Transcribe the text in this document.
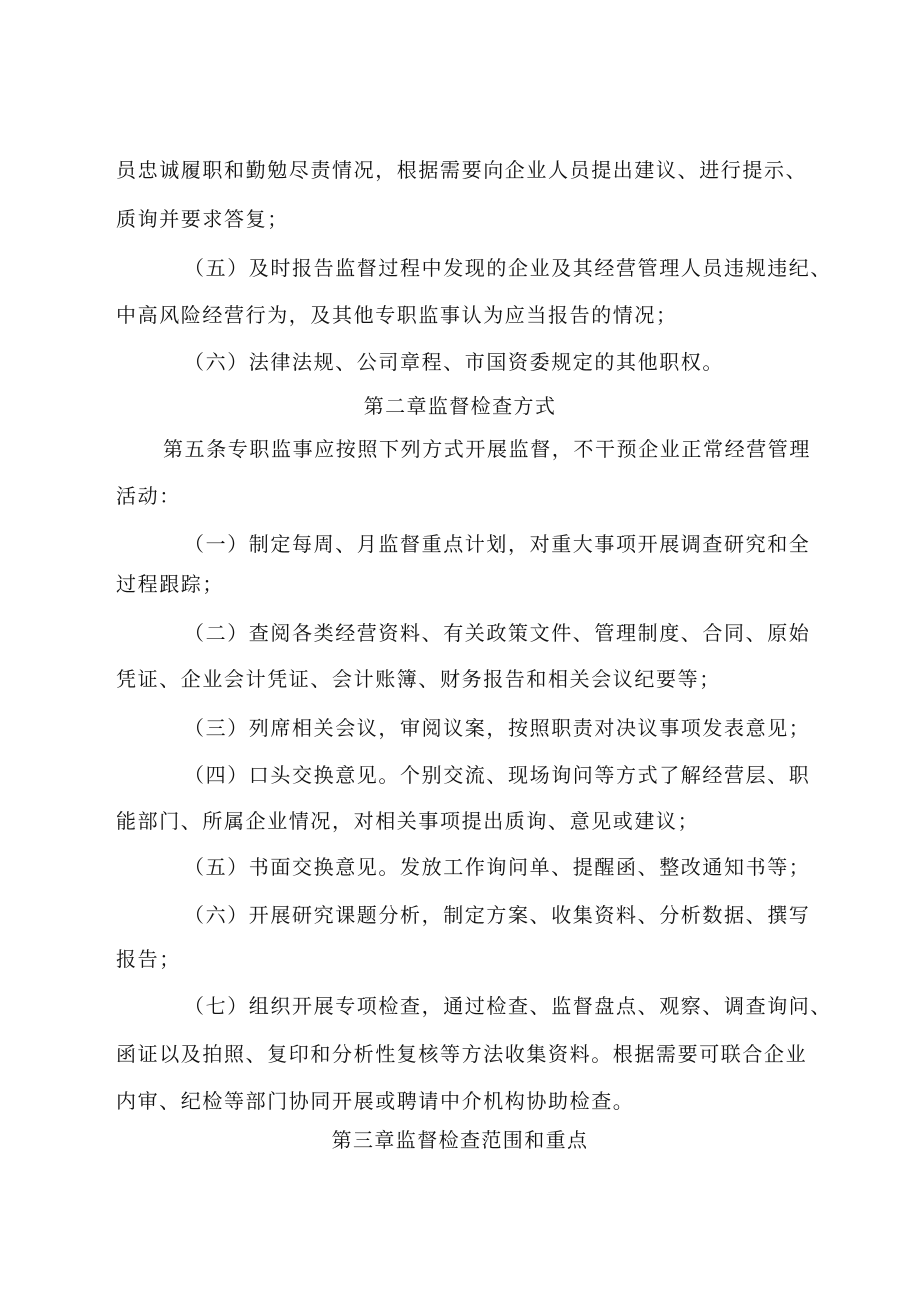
员忠诚履职和勤勉尽责情况，根据需要向企业人员提出建议、进行提示、
质询并要求答复；
（五）及时报告监督过程中发现的企业及其经营管理人员违规违纪、
中高风险经营行为，及其他专职监事认为应当报告的情况；
（六）法律法规、公司章程、市国资委规定的其他职权。
第二章监督检查方式
第五条专职监事应按照下列方式开展监督，不干预企业正常经营管理
活动：
（一）制定每周、月监督重点计划，对重大事项开展调查研究和全
过程跟踪；
（二）查阅各类经营资料、有关政策文件、管理制度、合同、原始
凭证、企业会计凭证、会计账簿、财务报告和相关会议纪要等；
（三）列席相关会议，审阅议案，按照职责对决议事项发表意见；
（四）口头交换意见。个别交流、现场询问等方式了解经营层、职
能部门、所属企业情况，对相关事项提出质询、意见或建议；
（五）书面交换意见。发放工作询问单、提醒函、整改通知书等；
（六）开展研究课题分析，制定方案、收集资料、分析数据、撰写
报告；
（七）组织开展专项检查，通过检查、监督盘点、观察、调查询问、
函证以及拍照、复印和分析性复核等方法收集资料。根据需要可联合企业
内审、纪检等部门协同开展或聘请中介机构协助检查。
第三章监督检查范围和重点
